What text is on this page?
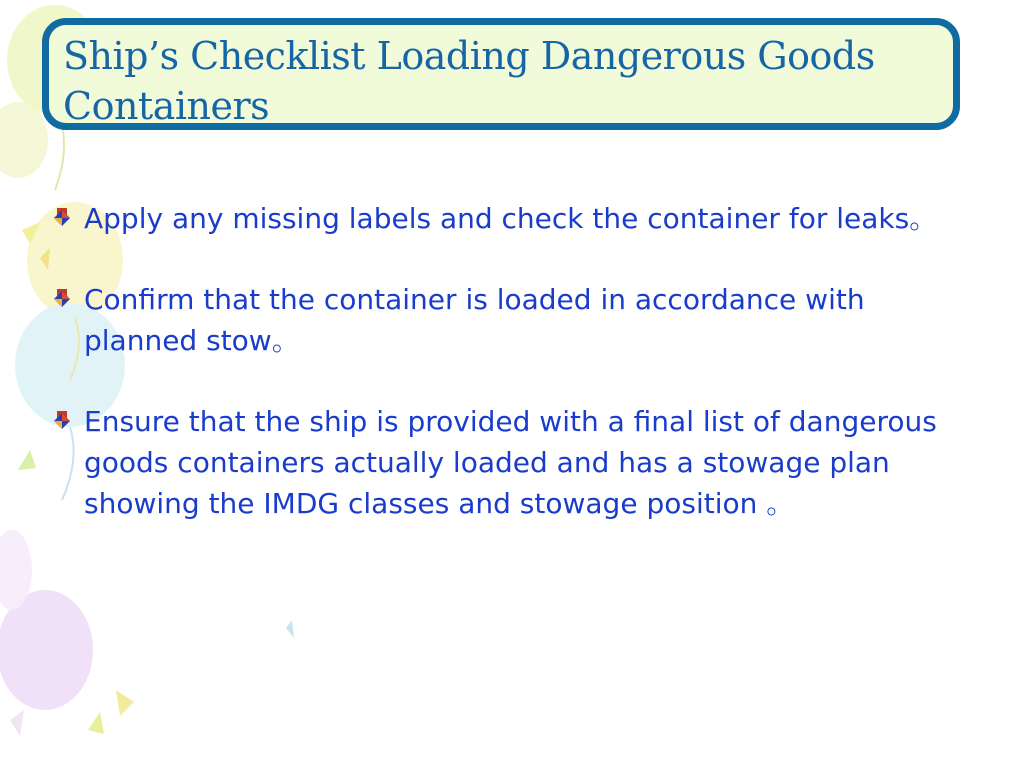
Ship’s Checklist Loading Dangerous Goods Containers
Apply any missing labels and check the container for leaks。
Confirm that the container is loaded in accordance with planned stow。
Ensure that the ship is provided with a final list of dangerous goods containers actually loaded and has a stowage plan showing the IMDG classes and stowage position 。
